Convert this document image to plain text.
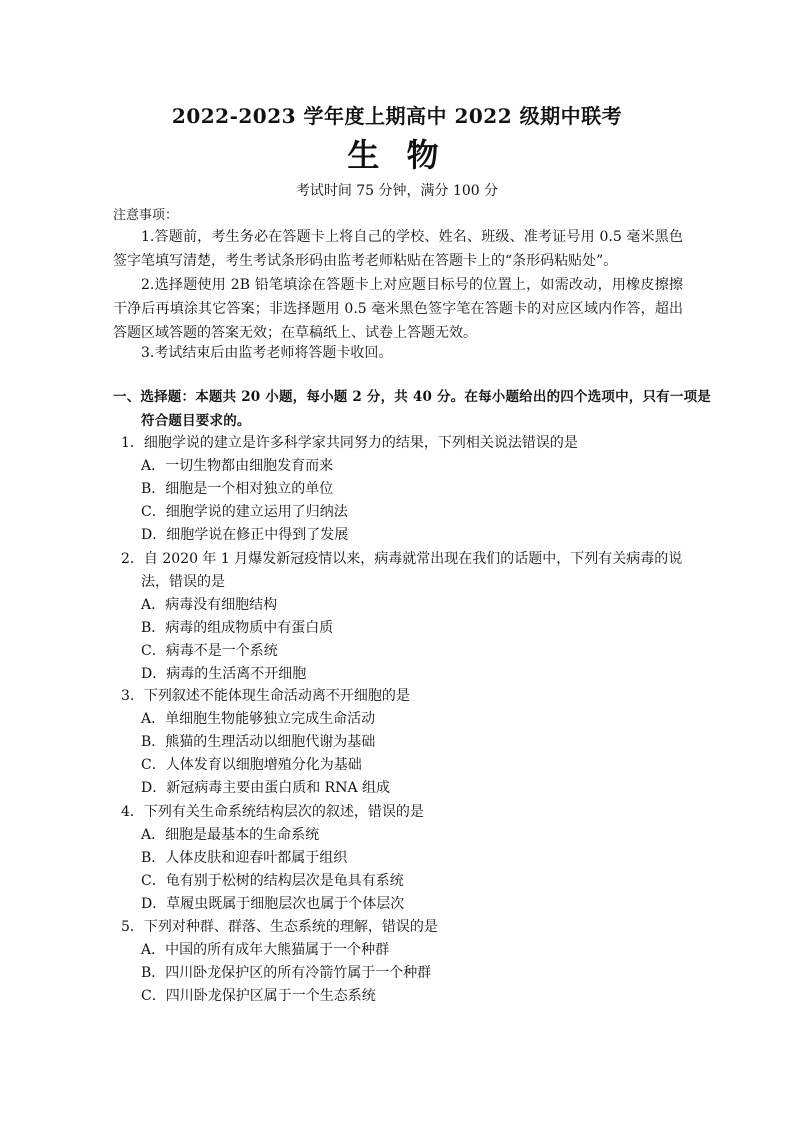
2022-2023 学年度上期高中 2022 级期中联考
生 物
考试时间 75 分钟，满分 100 分
注意事项：
1.答题前，考生务必在答题卡上将自己的学校、姓名、班级、准考证号用 0.5 毫米黑色签字笔填写清楚，考生考试条形码由监考老师粘贴在答题卡上的“条形码粘贴处”。
2.选择题使用 2B 铅笔填涂在答题卡上对应题目标号的位置上，如需改动，用橡皮擦擦干净后再填涂其它答案；非选择题用 0.5 毫米黑色签字笔在答题卡的对应区域内作答，超出答题区域答题的答案无效；在草稿纸上、试卷上答题无效。
3.考试结束后由监考老师将答题卡收回。
一、选择题：本题共 20 小题，每小题 2 分，共 40 分。在每小题给出的四个选项中，只有一项是符合题目要求的。
1．细胞学说的建立是许多科学家共同努力的结果，下列相关说法错误的是
A．一切生物都由细胞发育而来
B．细胞是一个相对独立的单位
C．细胞学说的建立运用了归纳法
D．细胞学说在修正中得到了发展
2．自 2020 年 1 月爆发新冠疫情以来，病毒就常出现在我们的话题中，下列有关病毒的说法，错误的是
A．病毒没有细胞结构
B．病毒的组成物质中有蛋白质
C．病毒不是一个系统
D．病毒的生活离不开细胞
3．下列叙述不能体现生命活动离不开细胞的是
A．单细胞生物能够独立完成生命活动
B．熊猫的生理活动以细胞代谢为基础
C．人体发育以细胞增殖分化为基础
D．新冠病毒主要由蛋白质和 RNA 组成
4．下列有关生命系统结构层次的叙述，错误的是
A．细胞是最基本的生命系统
B．人体皮肤和迎春叶都属于组织
C．龟有别于松树的结构层次是龟具有系统
D．草履虫既属于细胞层次也属于个体层次
5．下列对种群、群落、生态系统的理解，错误的是
A．中国的所有成年大熊猫属于一个种群
B．四川卧龙保护区的所有冷箭竹属于一个种群
C．四川卧龙保护区属于一个生态系统
